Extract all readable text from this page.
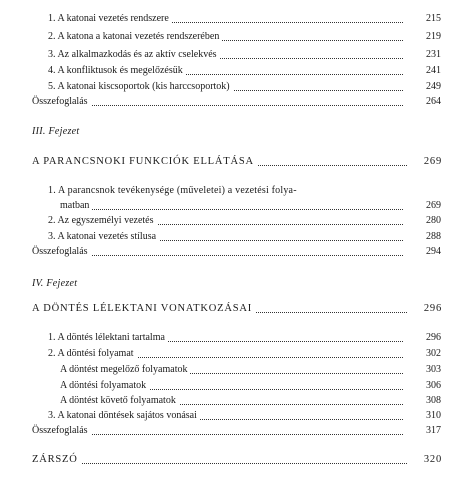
1. A katonai vezetés rendszere	215
2. A katona a katonai vezetés rendszerében	219
3. Az alkalmazkodás és az aktív cselekvés	231
4. A konfliktusok és megelőzésük	241
5. A katonai kiscsoportok (kis harccsoportok)	249
Összefoglalás	264
III. Fejezet
A PARANCSNOKI FUNKCIÓK ELLÁTÁSA	269
1. A parancsnok tevékenysége (műveletei) a vezetési folya-
matban	269
2. Az egyszemélyi vezetés	280
3. A katonai vezetés stílusa	288
Összefoglalás	294
IV. Fejezet
A DÖNTÉS LÉLEKTANI VONATKOZÁSAI	296
1. A döntés lélektani tartalma	296
2. A döntési folyamat	302
A döntést megelőző folyamatok	303
A döntési folyamatok	306
A döntést követő folyamatok	308
3. A katonai döntések sajátos vonásai	310
Összefoglalás	317
ZÁRSZÓ	320
